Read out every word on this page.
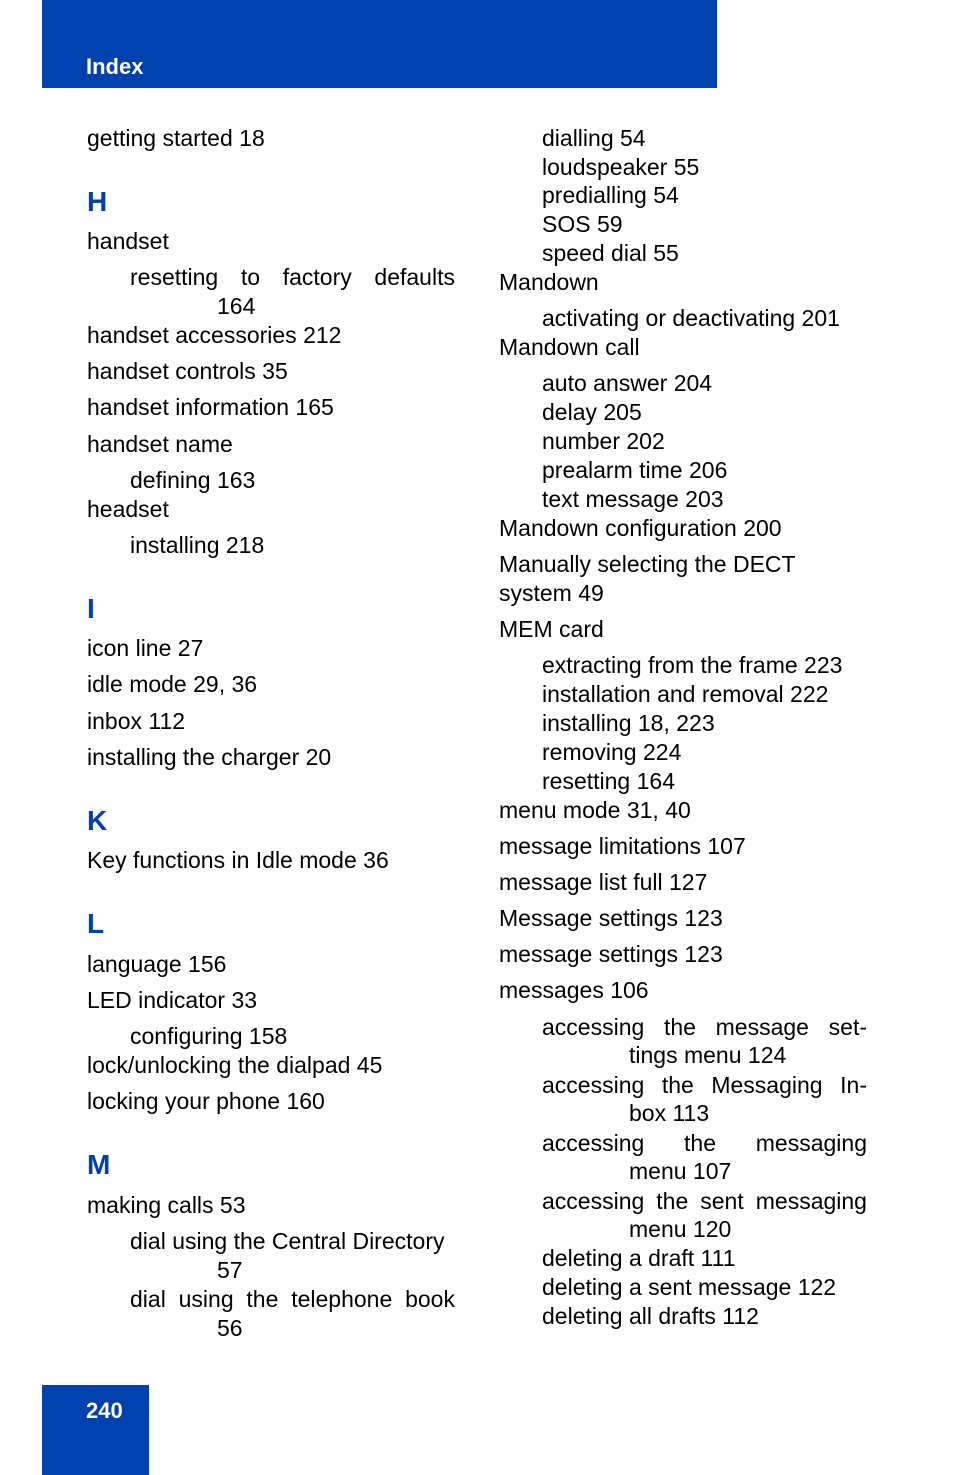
Index
getting started 18
H
handset
resetting to factory defaults
164
handset accessories 212
handset controls 35
handset information 165
handset name
defining 163
headset
installing 218
I
icon line 27
idle mode 29, 36
inbox 112
installing the charger 20
K
Key functions in Idle mode 36
L
language 156
LED indicator 33
configuring 158
lock/unlocking the dialpad 45
locking your phone 160
M
making calls 53
dial using the Central Directory
57
dial using the telephone book
56
dialling 54
loudspeaker 55
predialling 54
SOS 59
speed dial 55
Mandown
activating or deactivating 201
Mandown call
auto answer 204
delay 205
number 202
prealarm time 206
text message 203
Mandown configuration 200
Manually selecting the DECT
system 49
MEM card
extracting from the frame 223
installation and removal 222
installing 18, 223
removing 224
resetting 164
menu mode 31, 40
message limitations 107
message list full 127
Message settings 123
message settings 123
messages 106
accessing the message set-
tings menu 124
accessing the Messaging In-
box 113
accessing the messaging
menu 107
accessing the sent messaging
menu 120
deleting a draft 111
deleting a sent message 122
deleting all drafts 112
240
